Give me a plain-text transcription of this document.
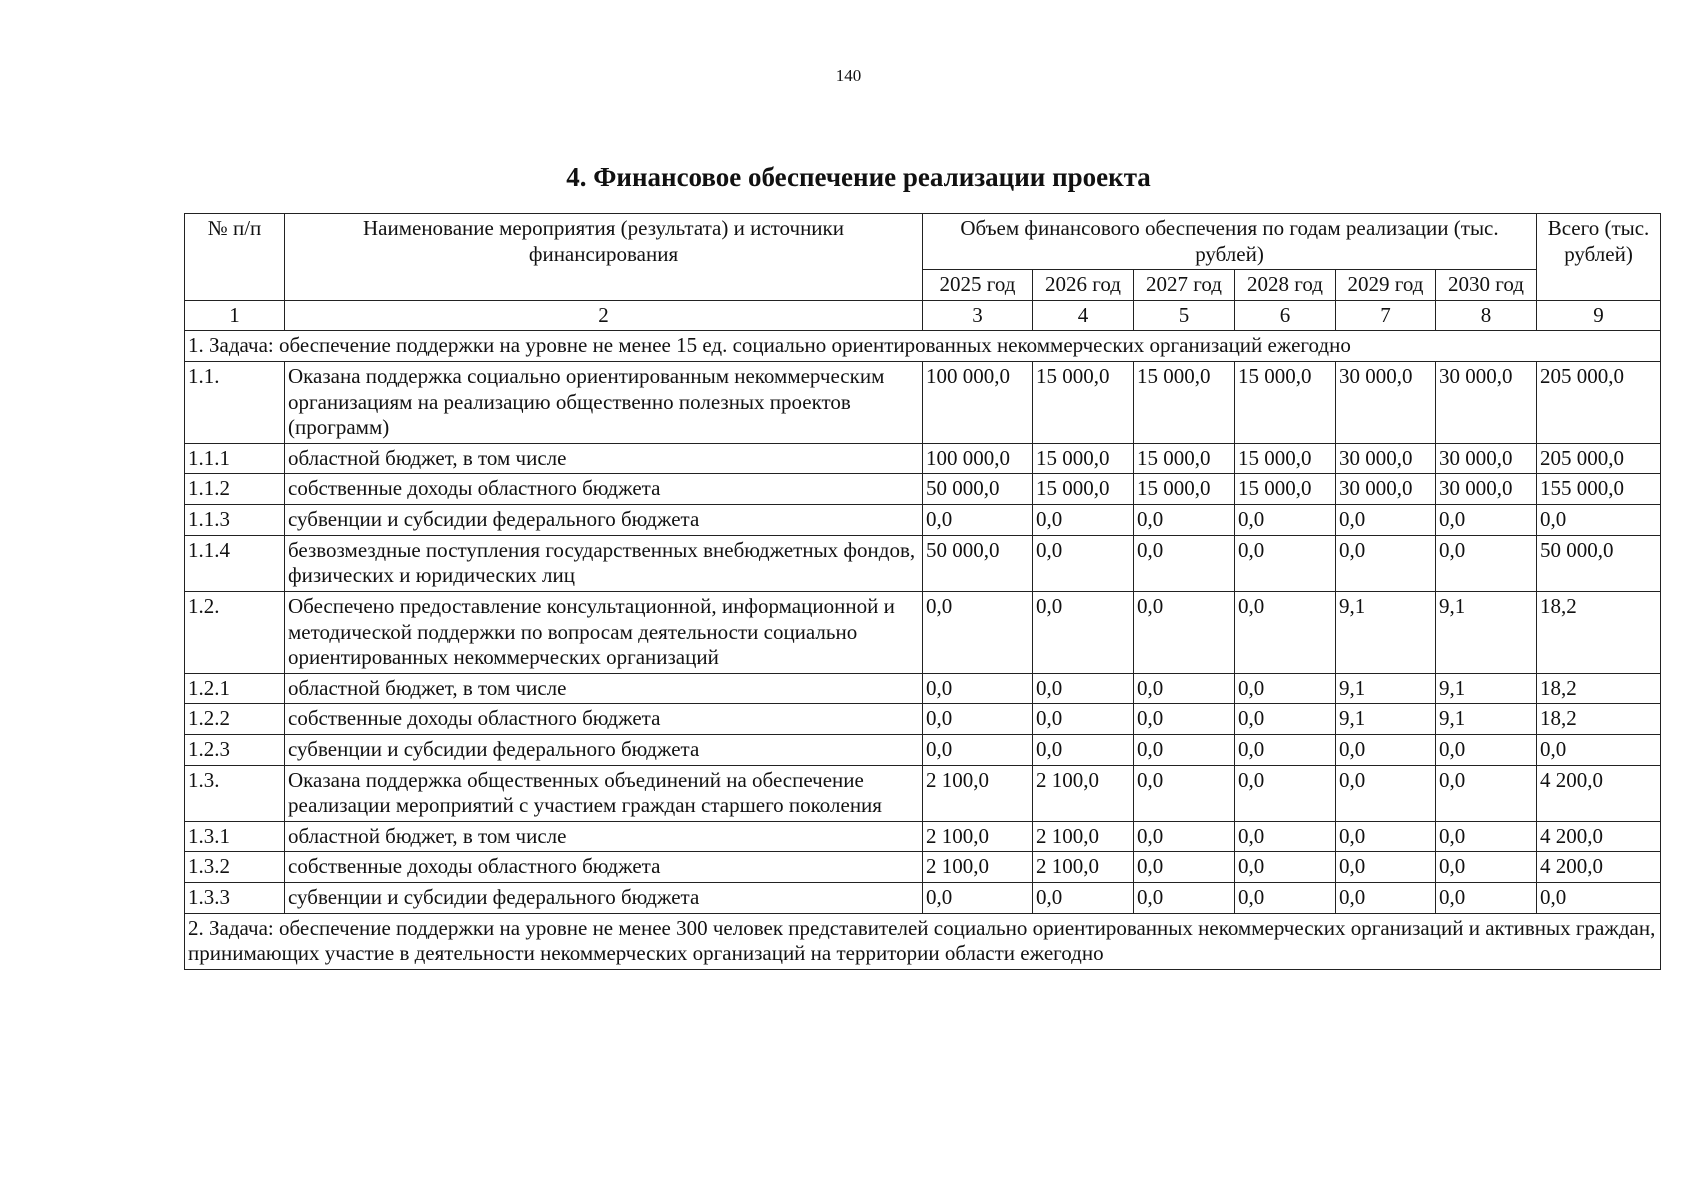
140
4. Финансовое обеспечение реализации проекта
№ п/п	Наименование мероприятия (результата) и источники финансирования	Объем финансового обеспечения по годам реализации (тыс. рублей)						Всего (тыс. рублей)
		2025 год	2026 год	2027 год	2028 год	2029 год	2030 год	
1	2	3	4	5	6	7	8	9
1. Задача: обеспечение поддержки на уровне не менее 15 ед. социально ориентированных некоммерческих организаций ежегодно								
1.1.	Оказана поддержка социально ориентированным некоммерческим организациям на реализацию общественно полезных проектов (программ)	100 000,0	15 000,0	15 000,0	15 000,0	30 000,0	30 000,0	205 000,0
1.1.1	областной бюджет, в том числе	100 000,0	15 000,0	15 000,0	15 000,0	30 000,0	30 000,0	205 000,0
1.1.2	собственные доходы областного бюджета	50 000,0	15 000,0	15 000,0	15 000,0	30 000,0	30 000,0	155 000,0
1.1.3	субвенции и субсидии федерального бюджета	0,0	0,0	0,0	0,0	0,0	0,0	0,0
1.1.4	безвозмездные поступления государственных внебюджетных фондов, физических и юридических лиц	50 000,0	0,0	0,0	0,0	0,0	0,0	50 000,0
1.2.	Обеспечено предоставление консультационной, информационной и методической поддержки по вопросам деятельности социально ориентированных некоммерческих организаций	0,0	0,0	0,0	0,0	9,1	9,1	18,2
1.2.1	областной бюджет, в том числе	0,0	0,0	0,0	0,0	9,1	9,1	18,2
1.2.2	собственные доходы областного бюджета	0,0	0,0	0,0	0,0	9,1	9,1	18,2
1.2.3	субвенции и субсидии федерального бюджета	0,0	0,0	0,0	0,0	0,0	0,0	0,0
1.3.	Оказана поддержка общественных объединений на обеспечение реализации мероприятий с участием граждан старшего поколения	2 100,0	2 100,0	0,0	0,0	0,0	0,0	4 200,0
1.3.1	областной бюджет, в том числе	2 100,0	2 100,0	0,0	0,0	0,0	0,0	4 200,0
1.3.2	собственные доходы областного бюджета	2 100,0	2 100,0	0,0	0,0	0,0	0,0	4 200,0
1.3.3	субвенции и субсидии федерального бюджета	0,0	0,0	0,0	0,0	0,0	0,0	0,0
2. Задача: обеспечение поддержки на уровне не менее 300 человек представителей социально ориентированных некоммерческих организаций и активных граждан, принимающих участие в деятельности некоммерческих организаций на территории области ежегодно								
